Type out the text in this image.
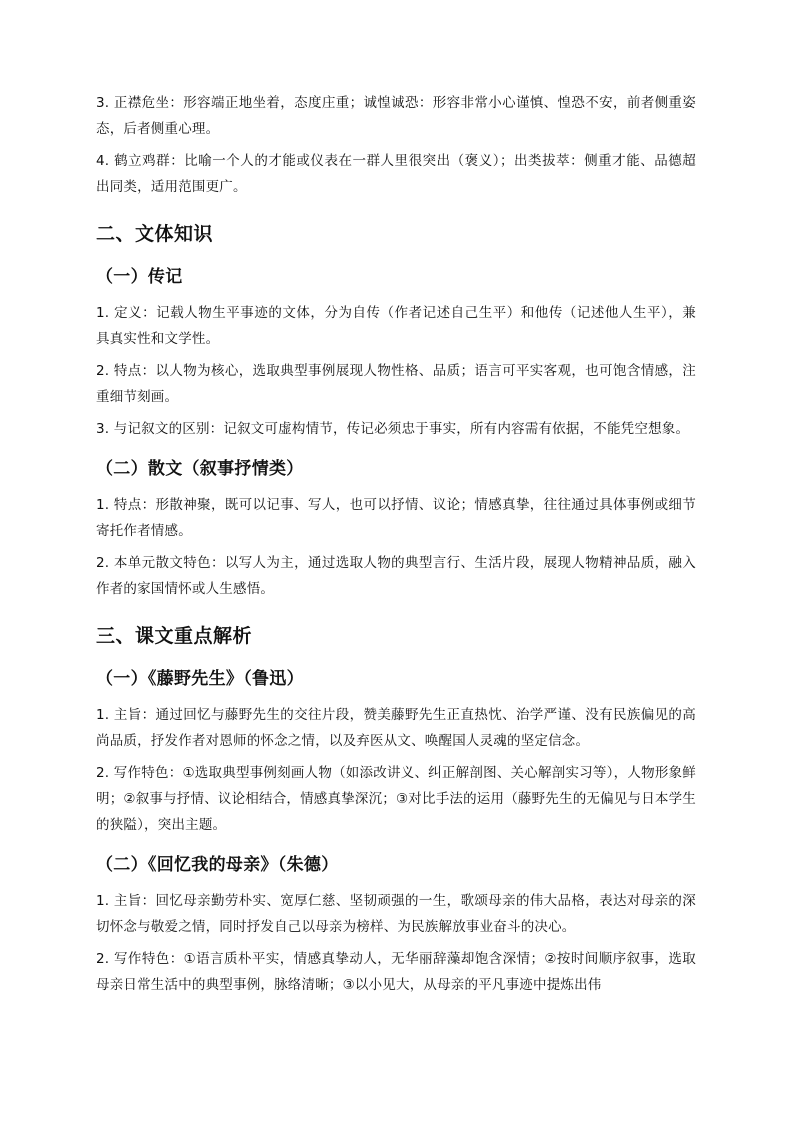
3. 正襟危坐：形容端正地坐着，态度庄重；诚惶诚恐：形容非常小心谨慎、惶恐不安，前者侧重姿态，后者侧重心理。

4. 鹤立鸡群：比喻一个人的才能或仪表在一群人里很突出（褒义）；出类拔萃：侧重才能、品德超出同类，适用范围更广。

二、文体知识
（一）传记

1. 定义：记载人物生平事迹的文体，分为自传（作者记述自己生平）和他传（记述他人生平），兼具真实性和文学性。

2. 特点：以人物为核心，选取典型事例展现人物性格、品质；语言可平实客观，也可饱含情感，注重细节刻画。

3. 与记叙文的区别：记叙文可虚构情节，传记必须忠于事实，所有内容需有依据，不能凭空想象。

（二）散文（叙事抒情类）

1. 特点：形散神聚，既可以记事、写人，也可以抒情、议论；情感真挚，往往通过具体事例或细节寄托作者情感。

2. 本单元散文特色：以写人为主，通过选取人物的典型言行、生活片段，展现人物精神品质，融入作者的家国情怀或人生感悟。

三、课文重点解析
（一）《藤野先生》（鲁迅）

1. 主旨：通过回忆与藤野先生的交往片段，赞美藤野先生正直热忱、治学严谨、没有民族偏见的高尚品质，抒发作者对恩师的怀念之情，以及弃医从文、唤醒国人灵魂的坚定信念。

2. 写作特色：①选取典型事例刻画人物（如添改讲义、纠正解剖图、关心解剖实习等），人物形象鲜明；②叙事与抒情、议论相结合，情感真挚深沉；③对比手法的运用（藤野先生的无偏见与日本学生的狭隘），突出主题。

（二）《回忆我的母亲》（朱德）

1. 主旨：回忆母亲勤劳朴实、宽厚仁慈、坚韧顽强的一生，歌颂母亲的伟大品格，表达对母亲的深切怀念与敬爱之情，同时抒发自己以母亲为榜样、为民族解放事业奋斗的决心。

2. 写作特色：①语言质朴平实，情感真挚动人，无华丽辞藻却饱含深情；②按时间顺序叙事，选取母亲日常生活中的典型事例，脉络清晰；③以小见大，从母亲的平凡事迹中提炼出伟
